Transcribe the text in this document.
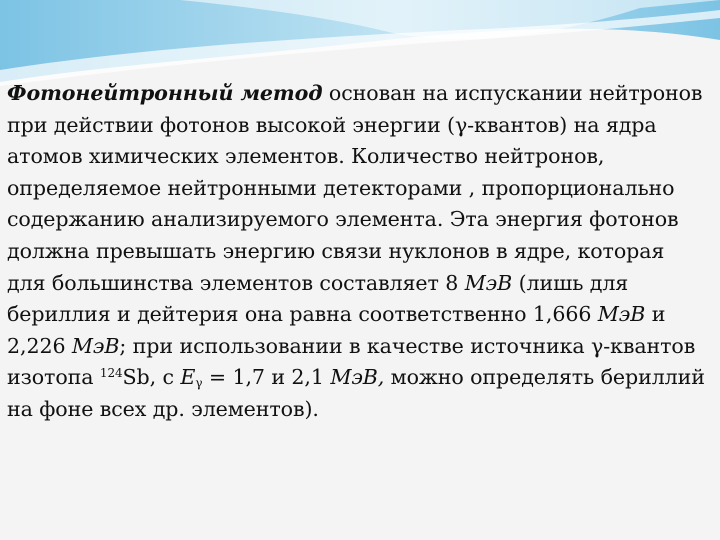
Фотонейтронный метод основан на испускании нейтронов при действии фотонов высокой энергии (γ-квантов) на ядра атомов химических элементов. Количество нейтронов, определяемое нейтронными детекторами , пропорционально содержанию анализируемого элемента. Эта энергия фотонов должна превышать энергию связи нуклонов в ядре, которая для большинства элементов составляет 8 МэВ (лишь для бериллия и дейтерия она равна соответственно 1,666 МэВ и 2,226 МэВ; при использовании в качестве источника γ-квантов изотопа $^{124}$Sb, с $E_\gamma = 1,7$ и 2,1 МэВ, можно определять бериллий на фоне всех др. элементов).
